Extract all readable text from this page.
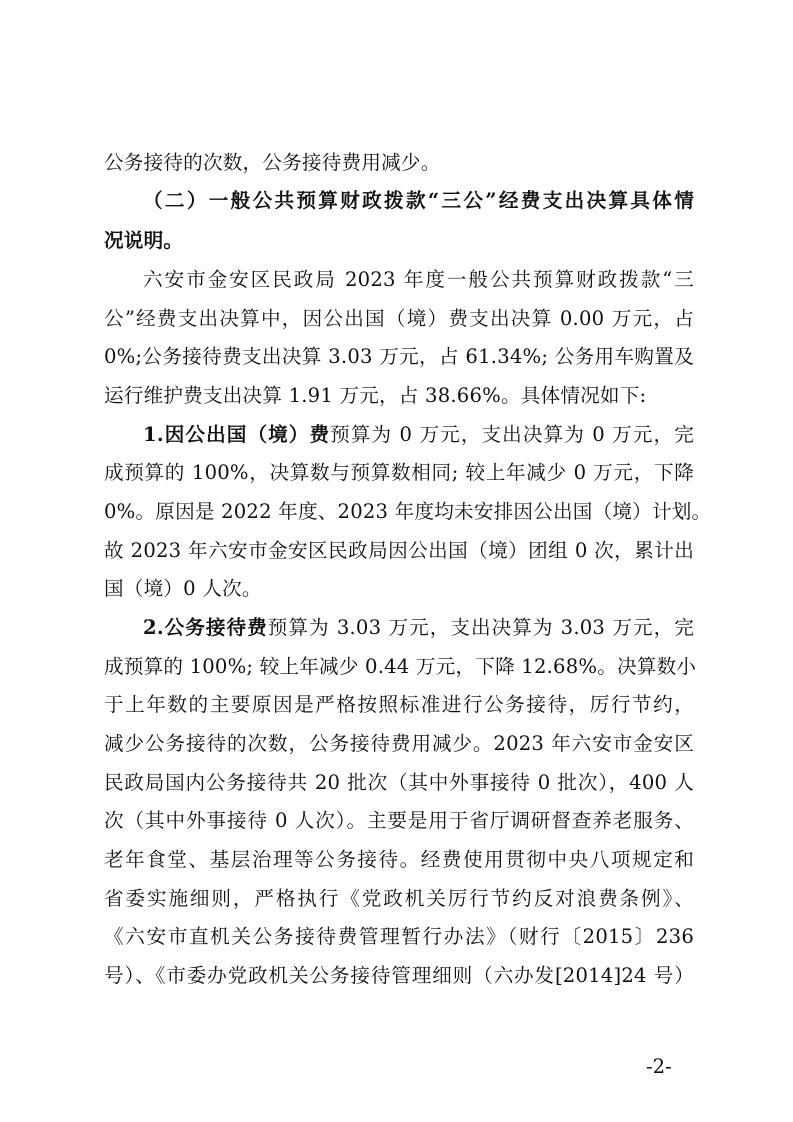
公务接待的次数，公务接待费用减少。
（二）一般公共预算财政拨款“三公”经费支出决算具体情
况说明。
六安市金安区民政局 2023 年度一般公共预算财政拨款“三
公”经费支出决算中，因公出国（境）费支出决算 0.00 万元，占
0%;公务接待费支出决算 3.03 万元，占 61.34%; 公务用车购置及
运行维护费支出决算 1.91 万元，占 38.66%。具体情况如下:
1.因公出国（境）费预算为 0 万元，支出决算为 0 万元，完
成预算的 100%，决算数与预算数相同; 较上年减少 0 万元，下降
0%。原因是 2022 年度、2023 年度均未安排因公出国（境）计划。
故 2023 年六安市金安区民政局因公出国（境）团组 0 次，累计出
国（境）0 人次。
2.公务接待费预算为 3.03 万元，支出决算为 3.03 万元，完
成预算的 100%; 较上年减少 0.44 万元，下降 12.68%。决算数小
于上年数的主要原因是严格按照标准进行公务接待，厉行节约，
减少公务接待的次数，公务接待费用减少。2023 年六安市金安区
民政局国内公务接待共 20 批次（其中外事接待 0 批次），400 人
次（其中外事接待 0 人次）。主要是用于省厅调研督查养老服务、
老年食堂、基层治理等公务接待。经费使用贯彻中央八项规定和
省委实施细则，严格执行《党政机关厉行节约反对浪费条例》、
《六安市直机关公务接待费管理暂行办法》（财行〔2015〕236
号）、《市委办党政机关公务接待管理细则（六办发[2014]24 号）
-2-
